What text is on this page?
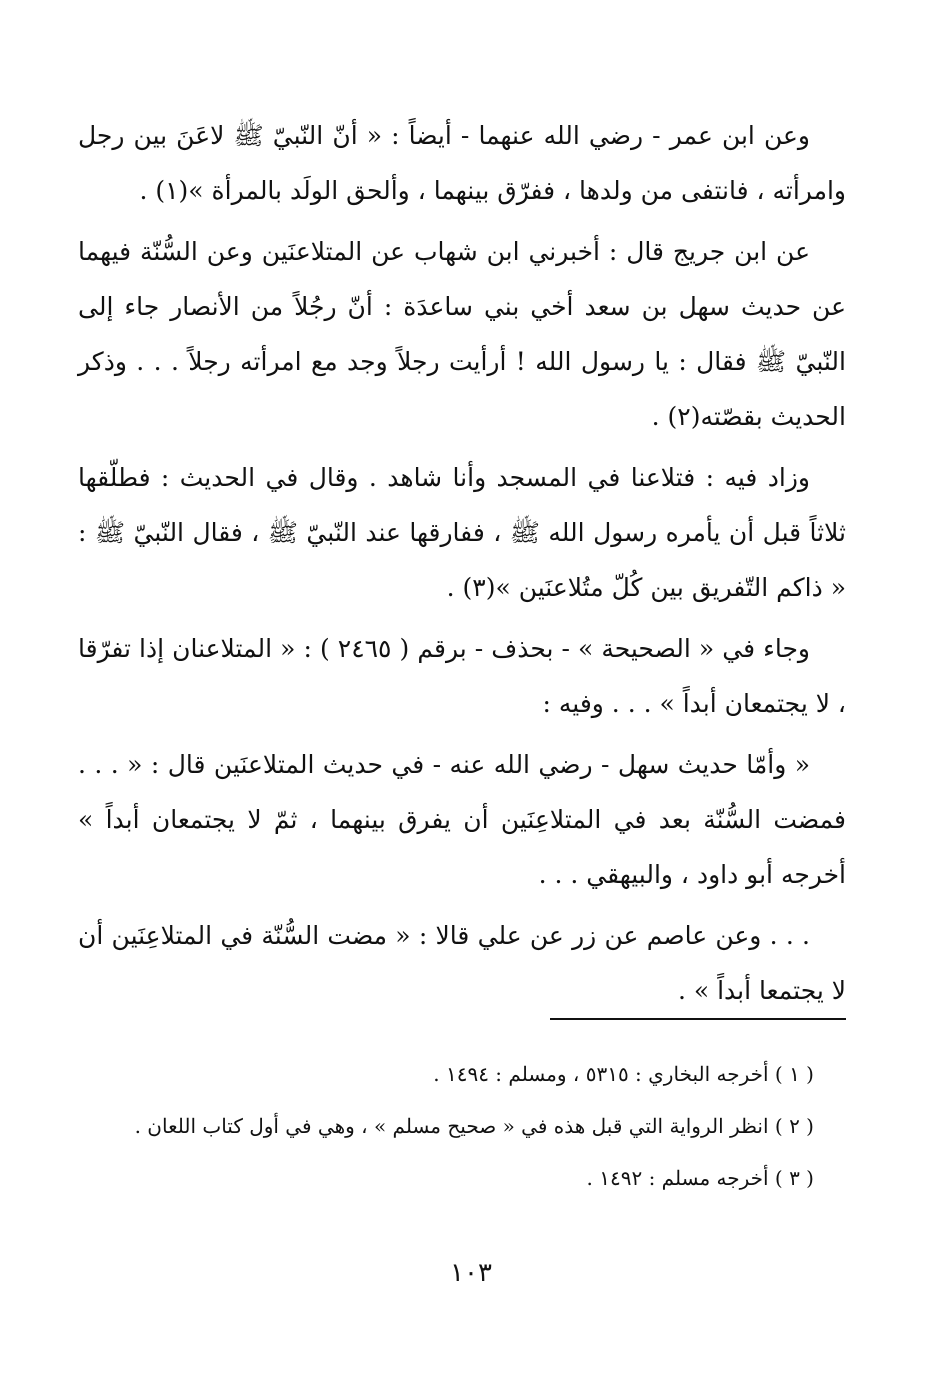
وعن ابن عمر - رضي الله عنهما - أيضاً : « أنّ النّبيّ ﷺ لاعَنَ بين رجل وامرأته ، فانتفى من ولدها ، ففرّق بينهما ، وألحق الولَد بالمرأة »(١) .

عن ابن جريج قال : أخبرني ابن شهاب عن المتلاعنَين وعن السُّنّة فيهما عن حديث سهل بن سعد أخي بني ساعدَة : أنّ رجُلاً من الأنصار جاء إلى النّبيّ ﷺ فقال : يا رسول الله ! أرأيت رجلاً وجد مع امرأته رجلاً . . . وذكر الحديث بقصّته(٢) .

وزاد فيه : فتلاعنا في المسجد وأنا شاهد . وقال في الحديث : فطلّقها ثلاثاً قبل أن يأمره رسول الله ﷺ ، ففارقها عند النّبيّ ﷺ ، فقال النّبيّ ﷺ : « ذاكم التّفريق بين كُلّ متُلاعنَين »(٣) .

وجاء في « الصحيحة » - بحذف - برقم ( ٢٤٦٥ ) : « المتلاعنان إذا تفرّقا ، لا يجتمعان أبداً » . . . وفيه :

« وأمّا حديث سهل - رضي الله عنه - في حديث المتلاعنَين قال : « . . . فمضت السُّنّة بعد في المتلاعِنَين أن يفرق بينهما ، ثمّ لا يجتمعان أبداً » أخرجه أبو داود ، والبيهقي . . .

. . . وعن عاصم عن زر عن علي قالا : « مضت السُّنّة في المتلاعِنَين أن لا يجتمعا أبداً » .

( ١ ) أخرجه البخاري : ٥٣١٥ ، ومسلم : ١٤٩٤ .

( ٢ ) انظر الرواية التي قبل هذه في « صحيح مسلم » ، وهي في أول كتاب اللعان .

( ٣ ) أخرجه مسلم : ١٤٩٢ .

١٠٣
